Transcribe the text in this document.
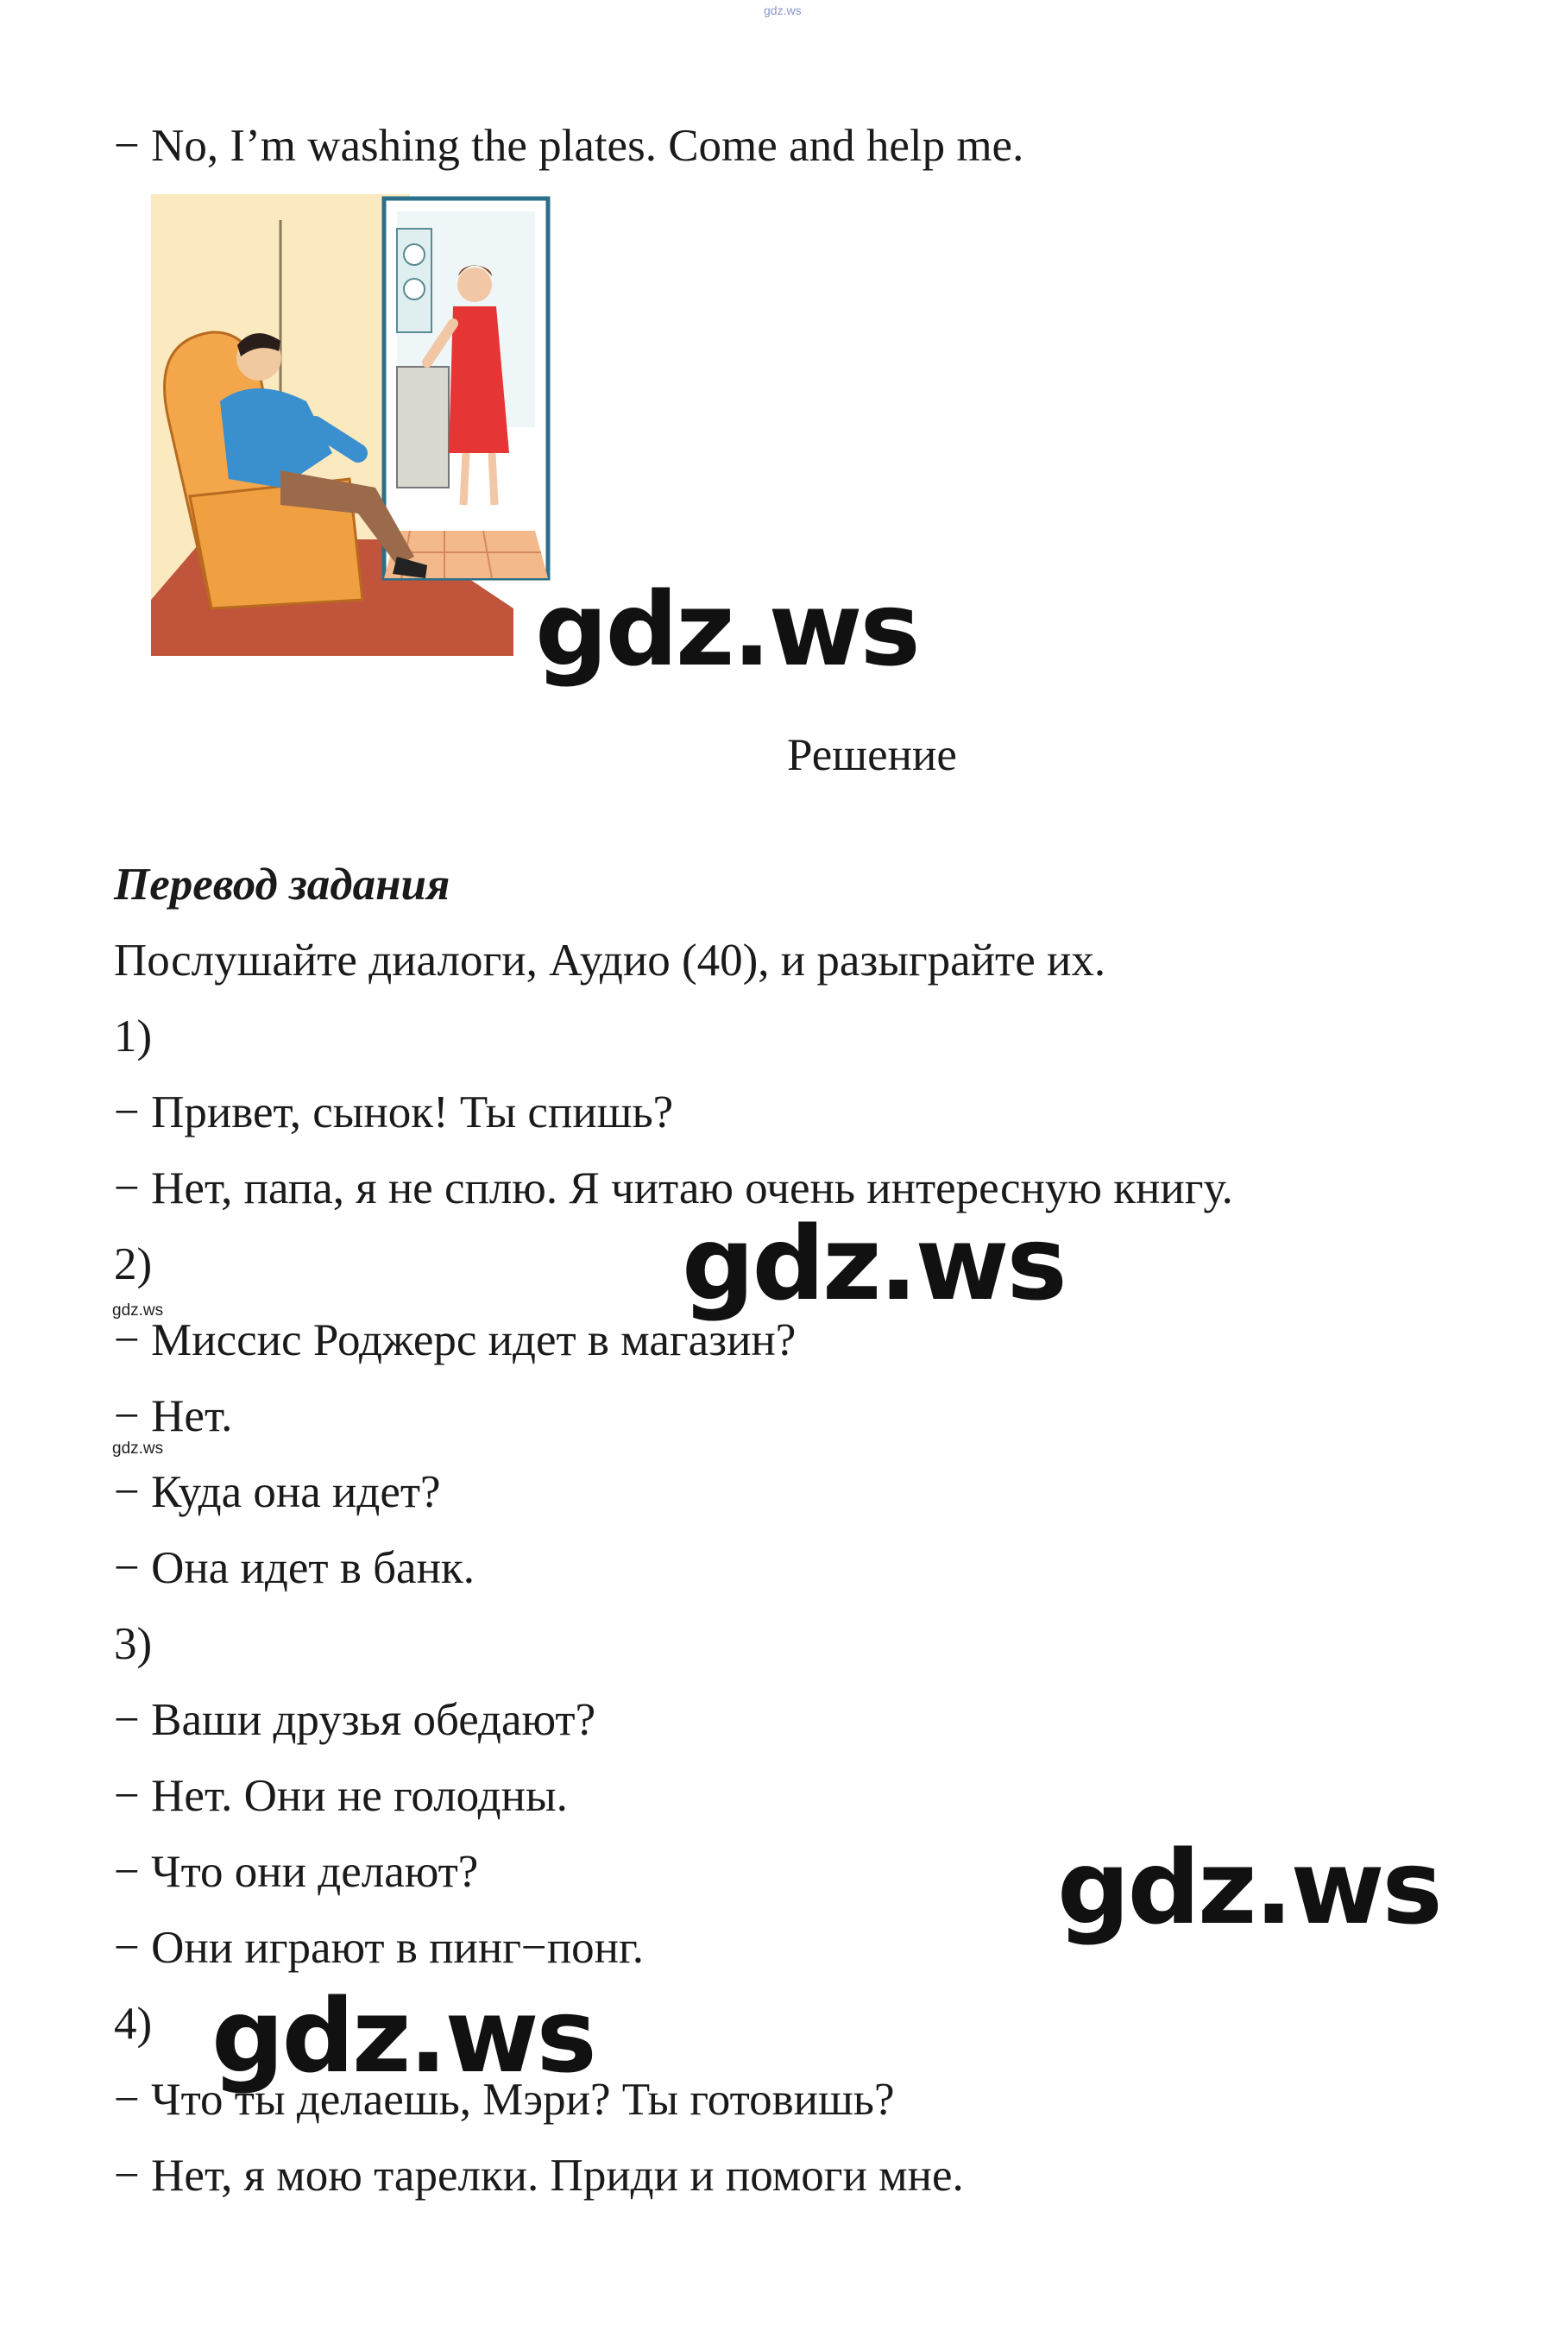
gdz.ws
− No, I’m washing the plates. Come and help me.
gdz.ws
Решение
Перевод задания
Послушайте диалоги, Аудио (40), и разыграйте их.
1)
− Привет, сынок! Ты спишь?
− Нет, папа, я не сплю. Я читаю очень интересную книгу.
2)
− Миссис Роджерс идет в магазин?
− Нет.
− Куда она идет?
− Она идет в банк.
3)
− Ваши друзья обедают?
− Нет. Они не голодны.
− Что они делают?
− Они играют в пинг−понг.
4)
− Что ты делаешь, Мэри? Ты готовишь?
− Нет, я мою тарелки. Приди и помоги мне.
gdz.ws
gdz.ws
gdz.ws
gdz.ws
gdz.ws
